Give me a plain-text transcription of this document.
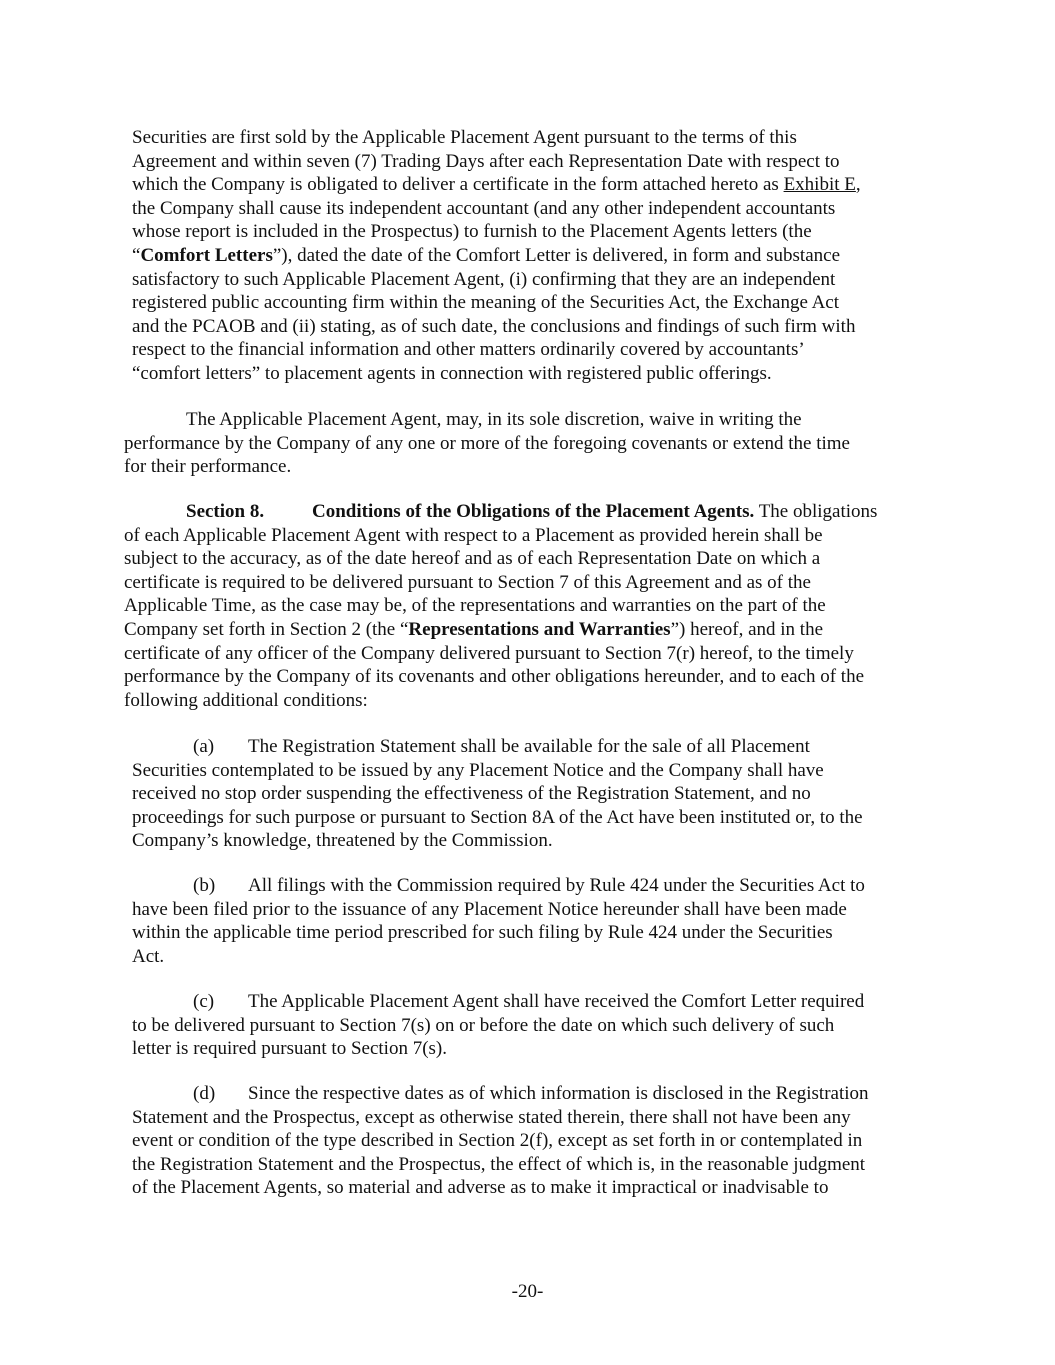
Securities are first sold by the Applicable Placement Agent pursuant to the terms of this
Agreement and within seven (7) Trading Days after each Representation Date with respect to
which the Company is obligated to deliver a certificate in the form attached hereto as Exhibit E,
the Company shall cause its independent accountant (and any other independent accountants
whose report is included in the Prospectus) to furnish to the Placement Agents letters (the
“Comfort Letters”), dated the date of the Comfort Letter is delivered, in form and substance
satisfactory to such Applicable Placement Agent, (i) confirming that they are an independent
registered public accounting firm within the meaning of the Securities Act, the Exchange Act
and the PCAOB and (ii) stating, as of such date, the conclusions and findings of such firm with
respect to the financial information and other matters ordinarily covered by accountants’
“comfort letters” to placement agents in connection with registered public offerings.
The Applicable Placement Agent, may, in its sole discretion, waive in writing the
performance by the Company of any one or more of the foregoing covenants or extend the time
for their performance.
Section 8.	Conditions of the Obligations of the Placement Agents. The obligations
of each Applicable Placement Agent with respect to a Placement as provided herein shall be
subject to the accuracy, as of the date hereof and as of each Representation Date on which a
certificate is required to be delivered pursuant to Section 7 of this Agreement and as of the
Applicable Time, as the case may be, of the representations and warranties on the part of the
Company set forth in Section 2 (the “Representations and Warranties”) hereof, and in the
certificate of any officer of the Company delivered pursuant to Section 7(r) hereof, to the timely
performance by the Company of its covenants and other obligations hereunder, and to each of the
following additional conditions:
(a) The Registration Statement shall be available for the sale of all Placement
Securities contemplated to be issued by any Placement Notice and the Company shall have
received no stop order suspending the effectiveness of the Registration Statement, and no
proceedings for such purpose or pursuant to Section 8A of the Act have been instituted or, to the
Company’s knowledge, threatened by the Commission.
(b) All filings with the Commission required by Rule 424 under the Securities Act to
have been filed prior to the issuance of any Placement Notice hereunder shall have been made
within the applicable time period prescribed for such filing by Rule 424 under the Securities
Act.
(c) The Applicable Placement Agent shall have received the Comfort Letter required
to be delivered pursuant to Section 7(s) on or before the date on which such delivery of such
letter is required pursuant to Section 7(s).
(d) Since the respective dates as of which information is disclosed in the Registration
Statement and the Prospectus, except as otherwise stated therein, there shall not have been any
event or condition of the type described in Section 2(f), except as set forth in or contemplated in
the Registration Statement and the Prospectus, the effect of which is, in the reasonable judgment
of the Placement Agents, so material and adverse as to make it impractical or inadvisable to
-20-
